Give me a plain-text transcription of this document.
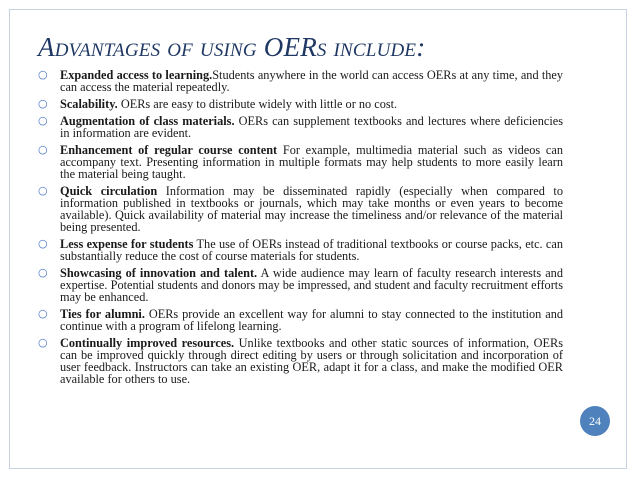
Advantages of using OERs include:
○ Expanded access to learning.Students anywhere in the world can access OERs at any time, and they can access the material repeatedly.
○ Scalability. OERs are easy to distribute widely with little or no cost.
○ Augmentation of class materials. OERs can supplement textbooks and lectures where deficiencies in information are evident.
○ Enhancement of regular course content For example, multimedia material such as videos can accompany text. Presenting information in multiple formats may help students to more easily learn the material being taught.
○ Quick circulation Information may be disseminated rapidly (especially when compared to information published in textbooks or journals, which may take months or even years to become available). Quick availability of material may increase the timeliness and/or relevance of the material being presented.
○ Less expense for students The use of OERs instead of traditional textbooks or course packs, etc. can substantially reduce the cost of course materials for students.
○ Showcasing of innovation and talent. A wide audience may learn of faculty research interests and expertise. Potential students and donors may be impressed, and student and faculty recruitment efforts may be enhanced.
○ Ties for alumni. OERs provide an excellent way for alumni to stay connected to the institution and continue with a program of lifelong learning.
○ Continually improved resources. Unlike textbooks and other static sources of information, OERs can be improved quickly through direct editing by users or through solicitation and incorporation of user feedback. Instructors can take an existing OER, adapt it for a class, and make the modified OER available for others to use.
24
